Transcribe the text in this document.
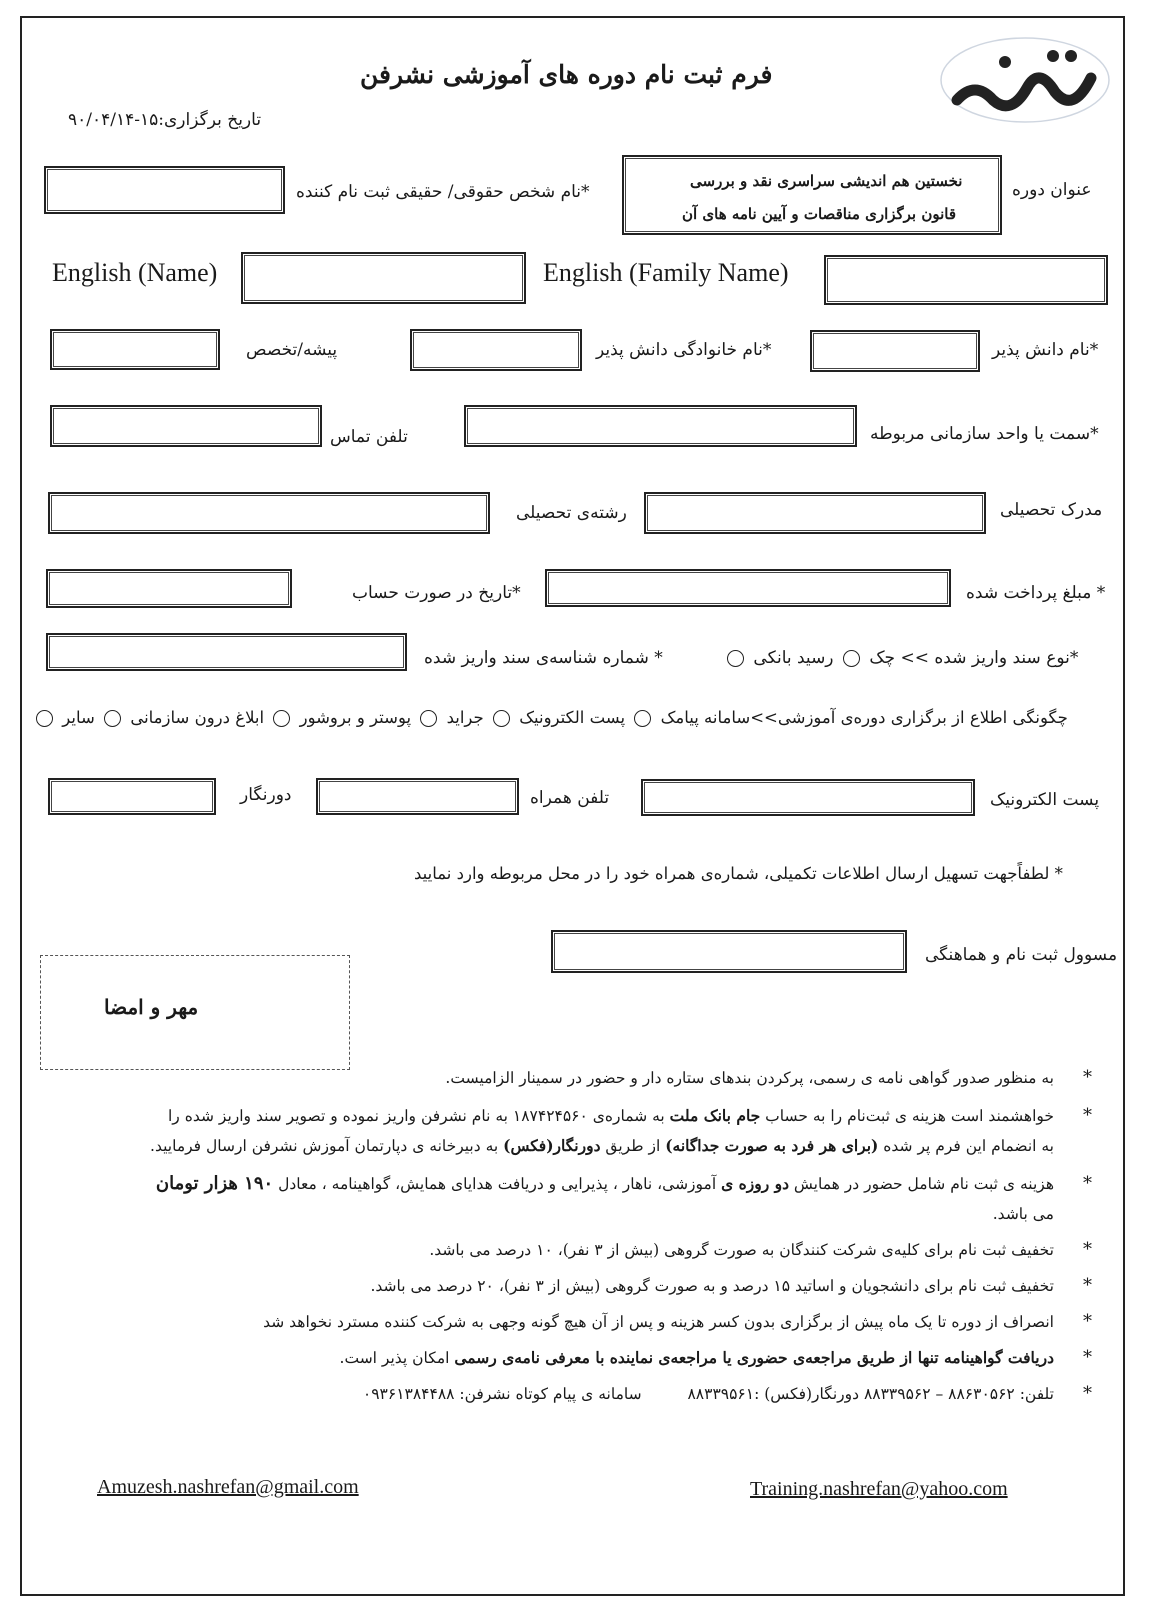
فرم ثبت نام دوره های آموزشی نشرفن
تاریخ برگزاری:۱۵-۹۰/۰۴/۱۴
عنوان دوره
نخستین هم اندیشی سراسری نقد و بررسی
قانون برگزاری مناقصات و آیین نامه های آن
*نام شخص حقوقی/ حقیقی ثبت نام کننده
English (Name)	English (Family Name)
*نام دانش پذیر
*نام خانوادگی دانش پذیر
پیشه/تخصص
*سمت یا واحد سازمانی مربوطه
تلفن تماس
مدرک تحصیلی
رشته‌ی تحصیلی
* مبلغ پرداخت شده
*تاریخ در صورت حساب
*نوع سند واریز شده >> چک  رسید بانکی
* شماره شناسه‌ی سند واریز شده
چگونگی اطلاع از برگزاری دوره‌ی آموزشی>>سامانه پیامک  پست الکترونیک  جراید  پوستر و بروشور  ابلاغ درون سازمانی  سایر
پست الکترونیک
تلفن همراه
دورنگار
* لطفاًجهت تسهیل ارسال اطلاعات تکمیلی، شماره‌ی همراه خود را در محل مربوطه وارد نمایید
مسوول ثبت نام و هماهنگی
مهر و امضا
*
به منظور صدور گواهی نامه ی رسمی، پرکردن بندهای ستاره دار و حضور در سمینار الزامیست.
*
خواهشمند است هزینه ی ثبت‌نام را به حساب جام بانک ملت به شماره‌ی ۱۸۷۴۲۴۵۶۰ به نام نشرفن واریز نموده و تصویر سند واریز شده را
به انضمام این فرم پر شده (برای هر فرد به صورت جداگانه) از طریق دورنگار(فکس) به دبیرخانه ی دپارتمان آموزش نشرفن ارسال فرمایید.
*
هزینه ی ثبت نام شامل حضور در همایش دو روزه ی آموزشی، ناهار ، پذیرایی و دریافت هدایای همایش، گواهینامه ، معادل ۱۹۰ هزار تومان
می باشد.
*
تخفیف ثبت نام برای کلیه‌ی شرکت کنندگان به صورت گروهی (بیش از ۳ نفر)، ۱۰ درصد می باشد.
*
تخفیف ثبت نام برای دانشجویان و اساتید ۱۵ درصد و به صورت گروهی (بیش از ۳ نفر)، ۲۰ درصد می باشد.
*
انصراف از دوره تا یک ماه پیش از برگزاری بدون کسر هزینه و پس از آن هیچ گونه وجهی به شرکت کننده مسترد نخواهد شد
*
دریافت گواهینامه تنها از طریق مراجعه‌ی حضوری یا مراجعه‌ی نماینده با معرفی نامه‌ی رسمی امکان پذیر است.
*
تلفن: ۸۸۶۳۰۵۶۲ – ۸۸۳۳۹۵۶۲ دورنگار(فکس) :۸۸۳۳۹۵۶۱  سامانه ی پیام کوتاه نشرفن: ۰۹۳۶۱۳۸۴۴۸۸
Amuzesh.nashrefan@gmail.com	Training.nashrefan@yahoo.com
